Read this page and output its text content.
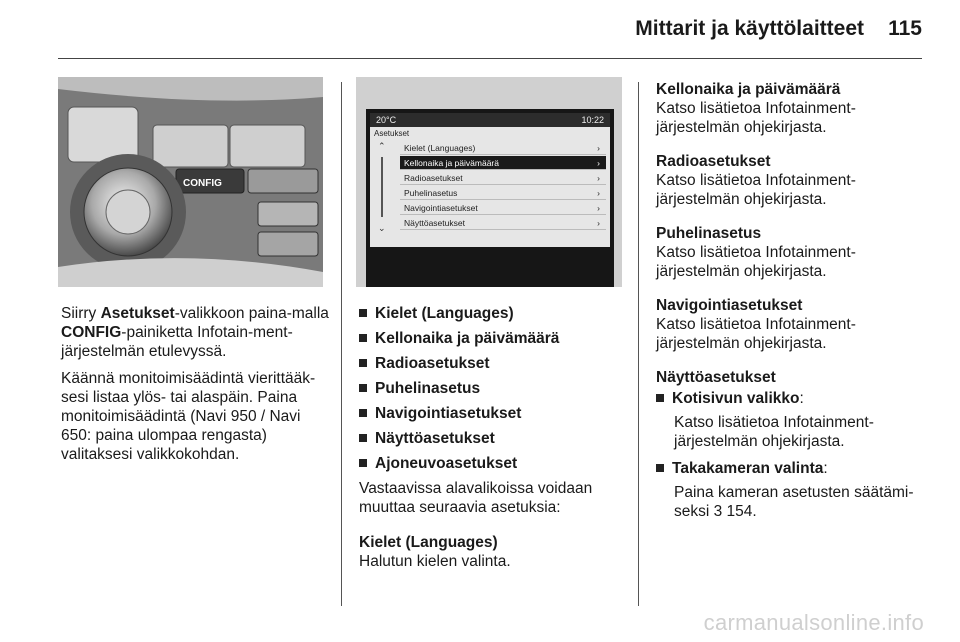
Mittarit ja käyttölaitteet 115
CONFIG
20°C	10:22
Asetukset
⌃
⌄
Kielet (Languages)	›
Kellonaika ja päivämäärä	›
Radioasetukset	›
Puhelinasetus	›
Navigointiasetukset	›
Näyttöasetukset	›

Siirry Asetukset-valikkoon paina-malla CONFIG-painiketta Infotain-ment-järjestelmän etulevyssä.

Käännä monitoimisäädintä vierittääk-sesi listaa ylös- tai alaspäin. Paina monitoimisäädintä (Navi 950 / Navi 650: paina ulompaa rengasta) valitaksesi valikkokohdan.

Kielet (Languages)
Kellonaika ja päivämäärä
Radioasetukset
Puhelinasetus
Navigointiasetukset
Näyttöasetukset
Ajoneuvoasetukset

Vastaavissa alavalikoissa voidaan muuttaa seuraavia asetuksia:

Kielet (Languages)
Halutun kielen valinta.
Kellonaika ja päivämäärä
Katso lisätietoa Infotainment-järjestelmän ohjekirjasta.
Radioasetukset
Katso lisätietoa Infotainment-järjestelmän ohjekirjasta.
Puhelinasetus
Katso lisätietoa Infotainment-järjestelmän ohjekirjasta.
Navigointiasetukset
Katso lisätietoa Infotainment-järjestelmän ohjekirjasta.
Näyttöasetukset
Kotisivun valikko:
Katso lisätietoa Infotainment-järjestelmän ohjekirjasta.
Takakameran valinta:
Paina kameran asetusten säätämi-seksi 3 154.
carmanualsonline.info
